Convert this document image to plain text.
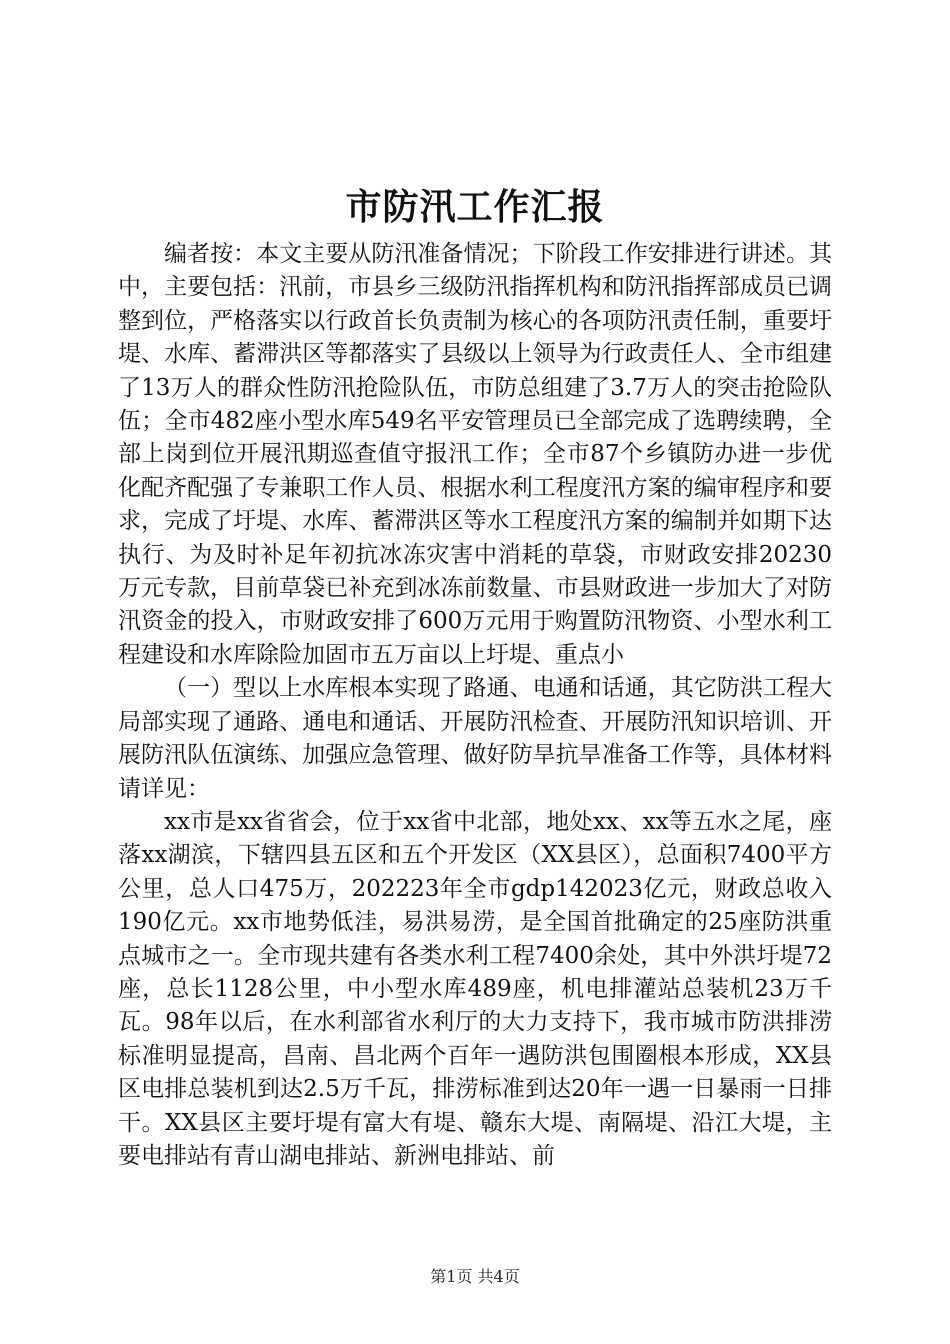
市防汛工作汇报

编者按：本文主要从防汛准备情况；下阶段工作安排进行讲述。其中，主要包括：汛前，市县乡三级防汛指挥机构和防汛指挥部成员已调整到位，严格落实以行政首长负责制为核心的各项防汛责任制，重要圩堤、水库、蓄滞洪区等都落实了县级以上领导为行政责任人、全市组建了13万人的群众性防汛抢险队伍，市防总组建了3.7万人的突击抢险队伍；全市482座小型水库549名平安管理员已全部完成了选聘续聘，全部上岗到位开展汛期巡查值守报汛工作；全市87个乡镇防办进一步优化配齐配强了专兼职工作人员、根据水利工程度汛方案的编审程序和要求，完成了圩堤、水库、蓄滞洪区等水工程度汛方案的编制并如期下达执行、为及时补足年初抗冰冻灾害中消耗的草袋，市财政安排20230万元专款，目前草袋已补充到冰冻前数量、市县财政进一步加大了对防汛资金的投入，市财政安排了600万元用于购置防汛物资、小型水利工程建设和水库除险加固市五万亩以上圩堤、重点小

（一）型以上水库根本实现了路通、电通和话通，其它防洪工程大局部实现了通路、通电和通话、开展防汛检查、开展防汛知识培训、开展防汛队伍演练、加强应急管理、做好防旱抗旱准备工作等，具体材料请详见：

xx市是xx省省会，位于xx省中北部，地处xx、xx等五水之尾，座落xx湖滨，下辖四县五区和五个开发区（XX县区），总面积7400平方公里，总人口475万，202223年全市gdp142023亿元，财政总收入190亿元。xx市地势低洼，易洪易涝，是全国首批确定的25座防洪重点城市之一。全市现共建有各类水利工程7400余处，其中外洪圩堤72座，总长1128公里，中小型水库489座，机电排灌站总装机23万千瓦。98年以后，在水利部省水利厅的大力支持下，我市城市防洪排涝标准明显提高，昌南、昌北两个百年一遇防洪包围圈根本形成，XX县区电排总装机到达2.5万千瓦，排涝标准到达20年一遇一日暴雨一日排干。XX县区主要圩堤有富大有堤、赣东大堤、南隔堤、沿江大堤，主要电排站有青山湖电排站、新洲电排站、前

第1页 共4页
